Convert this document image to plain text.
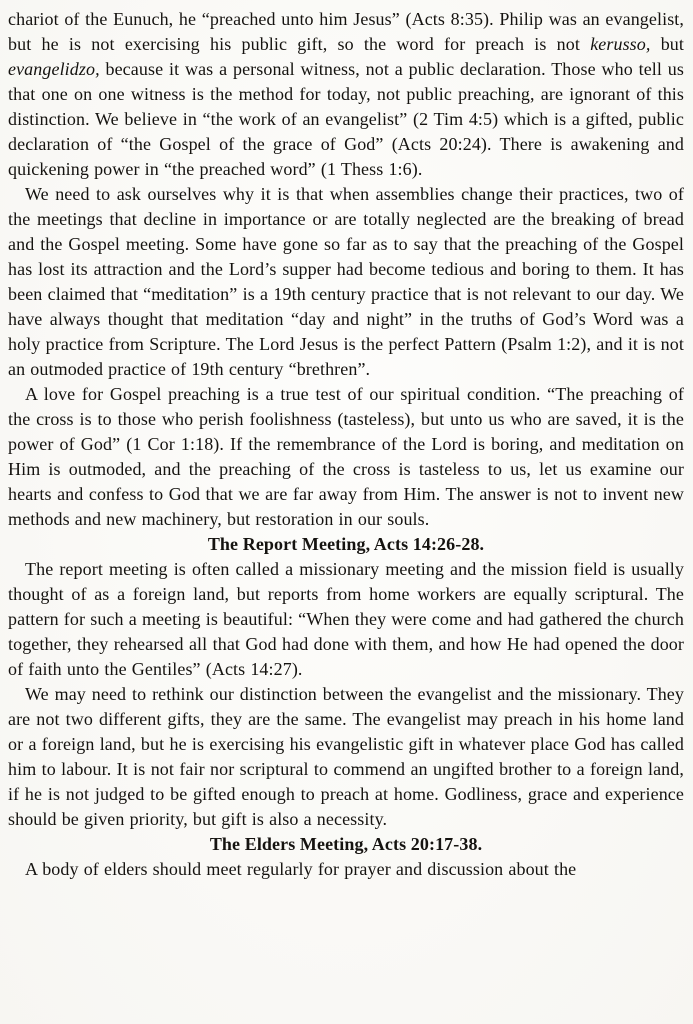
chariot of the Eunuch, he “preached unto him Jesus” (Acts 8:35). Philip was an evangelist, but he is not exercising his public gift, so the word for preach is not kerusso, but evangelidzo, because it was a personal witness, not a public declaration. Those who tell us that one on one witness is the method for today, not public preaching, are ignorant of this distinction. We believe in “the work of an evangelist” (2 Tim 4:5) which is a gifted, public declaration of “the Gospel of the grace of God” (Acts 20:24). There is awakening and quickening power in “the preached word” (1 Thess 1:6).

We need to ask ourselves why it is that when assemblies change their practices, two of the meetings that decline in importance or are totally neglected are the breaking of bread and the Gospel meeting. Some have gone so far as to say that the preaching of the Gospel has lost its attraction and the Lord’s supper had become tedious and boring to them. It has been claimed that “meditation” is a 19th century practice that is not relevant to our day. We have always thought that meditation “day and night” in the truths of God’s Word was a holy practice from Scripture. The Lord Jesus is the perfect Pattern (Psalm 1:2), and it is not an outmoded practice of 19th century “brethren”.

A love for Gospel preaching is a true test of our spiritual condition. “The preaching of the cross is to those who perish foolishness (tasteless), but unto us who are saved, it is the power of God” (1 Cor 1:18). If the remembrance of the Lord is boring, and meditation on Him is outmoded, and the preaching of the cross is tasteless to us, let us examine our hearts and confess to God that we are far away from Him. The answer is not to invent new methods and new machinery, but restoration in our souls.

The Report Meeting, Acts 14:26-28.

The report meeting is often called a missionary meeting and the mission field is usually thought of as a foreign land, but reports from home workers are equally scriptural. The pattern for such a meeting is beautiful: “When they were come and had gathered the church together, they rehearsed all that God had done with them, and how He had opened the door of faith unto the Gentiles” (Acts 14:27).

We may need to rethink our distinction between the evangelist and the missionary. They are not two different gifts, they are the same. The evangelist may preach in his home land or a foreign land, but he is exercising his evangelistic gift in whatever place God has called him to labour. It is not fair nor scriptural to commend an ungifted brother to a foreign land, if he is not judged to be gifted enough to preach at home. Godliness, grace and experience should be given priority, but gift is also a necessity.

The Elders Meeting, Acts 20:17-38.

A body of elders should meet regularly for prayer and discussion about the
